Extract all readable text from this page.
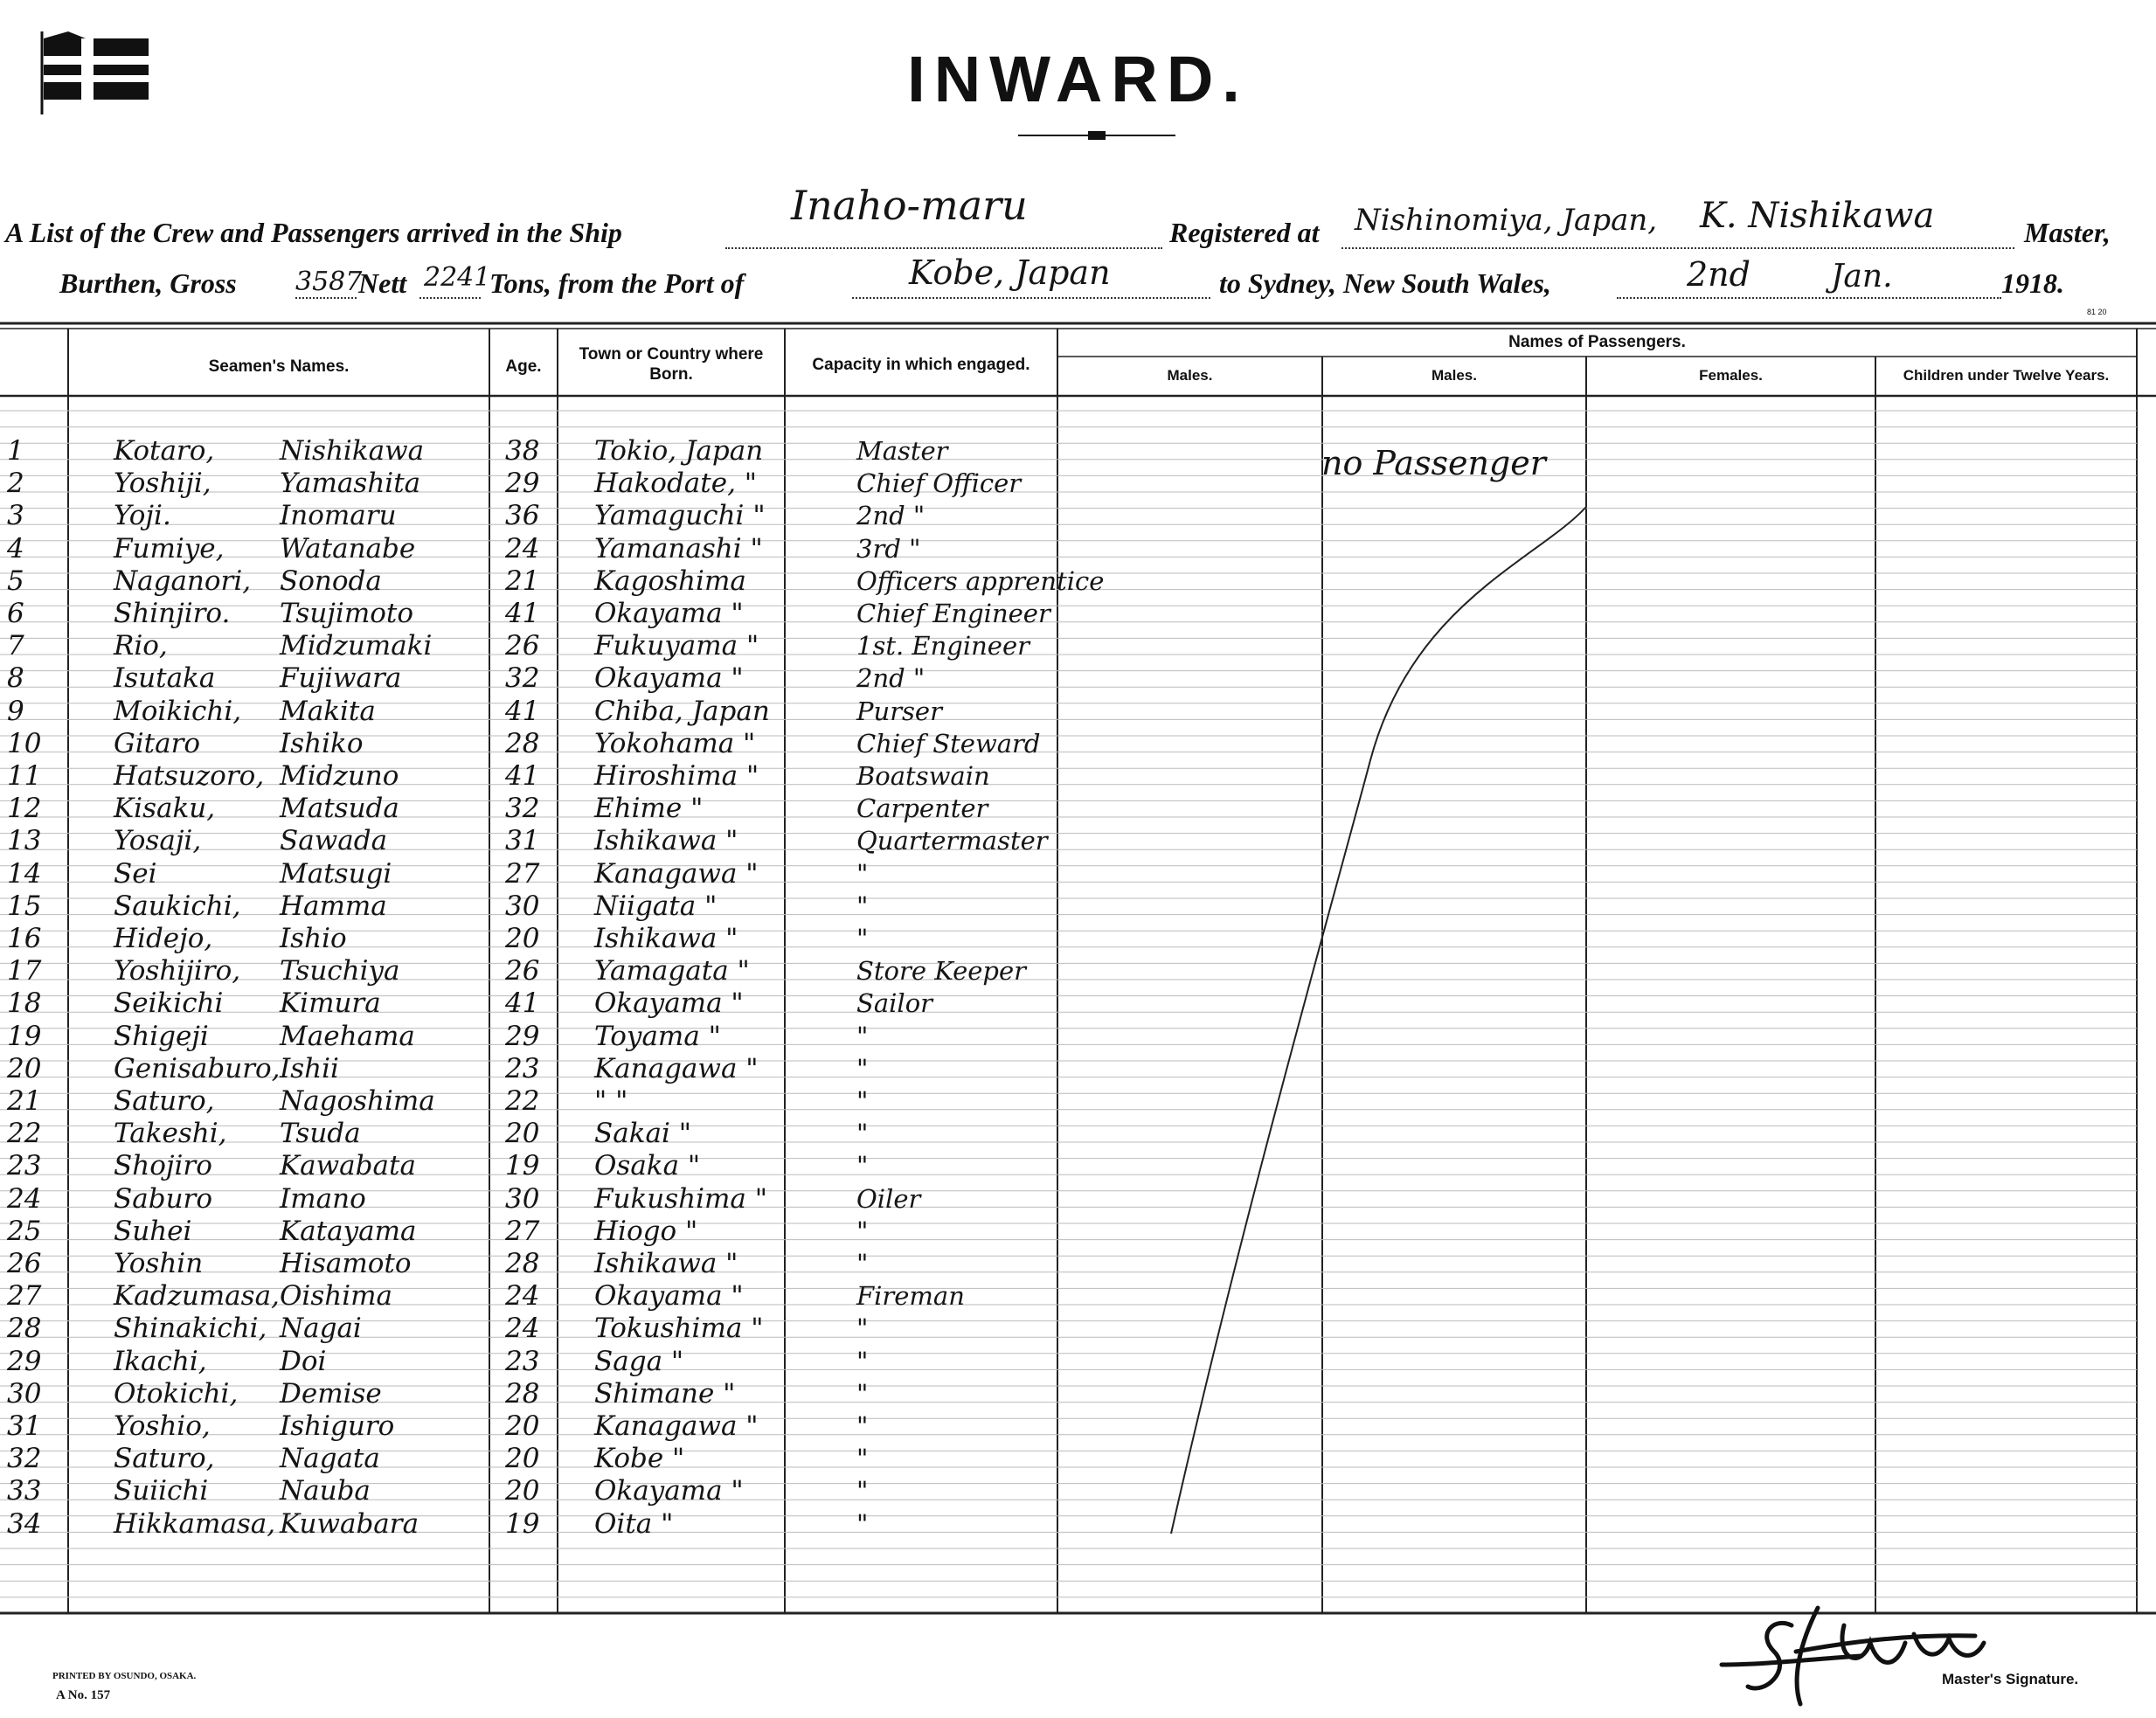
INWARD.
A List of the Crew and Passengers arrived in the Ship
Inaho-maru
Registered at Nishinomiya, Japan, K. Nishikawa	Master,
Burthen, Gross 3587
Nett 2241
Tons, from the Port of	Kobe, Japan	to Sydney, New South Wales,	2nd	Jan.	1918.
81 20
Seamen's Names.	Age.
Town or Country where Born.
Capacity in which engaged.
Names of Passengers.
Males.	Males.	Females.	Children under Twelve Years.
1	Kotaro, Nishikawa	38 Tokio, Japan	Master
2	Yoshiji,	Yamashita	29 Hakodate, "	Chief Officer
3	Yoji.	Inomaru	36 Yamaguchi "	2nd "
4	Fumiye, Watanabe	24 Yamanashi "	3rd "
5	Naganori, Sonoda	21 Kagoshima	Officers apprentice
6	Shinjiro. Tsujimoto	41 Okayama "	Chief Engineer
7	Rio,	Midzumaki	26 Fukuyama "	1st. Engineer
8	Isutaka Fujiwara	32 Okayama "	2nd "
9	Moikichi, Makita	41 Chiba, Japan	Purser
10	Gitaro	Ishiko	28 Yokohama "	Chief Steward
11	Hatsuzoro, Midzuno	41 Hiroshima "	Boatswain
12	Kisaku, Matsuda	32 Ehime "	Carpenter
13	Yosaji,	Sawada	31 Ishikawa "	Quartermaster
14	Sei	Matsugi	27 Kanagawa "	"
15	Saukichi, Hamma	30 Niigata "	"
16	Hidejo, Ishio	20 Ishikawa "	"
17	Yoshijiro, Tsuchiya	26 Yamagata "	Store Keeper
18	Seikichi Kimura	41 Okayama "	Sailor
19	Shigeji	Maehama	29 Toyama "	"
20	Genisaburo, Ishii	23 Kanagawa "	"
21	Saturo, Nagoshima	22 " "	"
22	Takeshi, Tsuda	20 Sakai "	"
23	Shojiro Kawabata	19 Osaka "	"
24	Saburo Imano	30 Fukushima "	Oiler
25	Suhei	Katayama	27 Hiogo "	"
26	Yoshin	Hisamoto	28 Ishikawa "	"
27	Kadzumasa, Oishima	24 Okayama "	Fireman
28	Shinakichi, Nagai	24 Tokushima "	"
29	Ikachi,	Doi	23 Saga "	"
30	Otokichi, Demise	28 Shimane "	"
31	Yoshio,	Ishiguro	20 Kanagawa "	"
32	Saturo, Nagata	20 Kobe "	"
33	Suiichi	Nauba	20 Okayama "	"
34	Hikkamasa, Kuwabara	19 Oita "	"
no Passenger
PRINTED BY OSUNDO, OSAKA.
A No. 157
Master's Signature.
